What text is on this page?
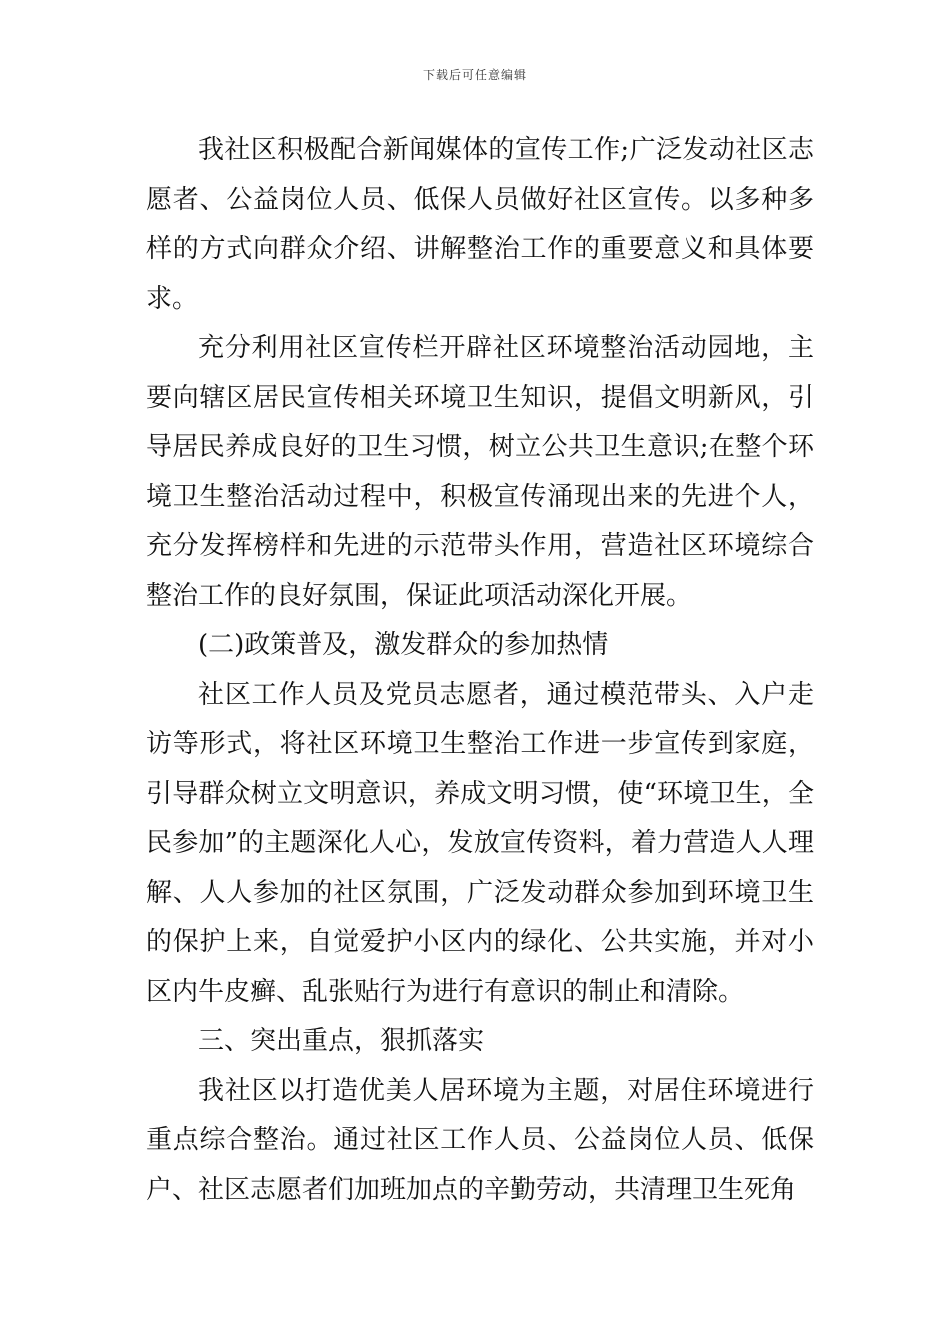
下载后可任意编辑

我社区积极配合新闻媒体的宣传工作;广泛发动社区志愿者、公益岗位人员、低保人员做好社区宣传。以多种多样的方式向群众介绍、讲解整治工作的重要意义和具体要求。

充分利用社区宣传栏开辟社区环境整治活动园地，主要向辖区居民宣传相关环境卫生知识，提倡文明新风，引导居民养成良好的卫生习惯，树立公共卫生意识;在整个环境卫生整治活动过程中，积极宣传涌现出来的先进个人，充分发挥榜样和先进的示范带头作用，营造社区环境综合整治工作的良好氛围，保证此项活动深化开展。

(二)政策普及，激发群众的参加热情

社区工作人员及党员志愿者，通过模范带头、入户走访等形式，将社区环境卫生整治工作进一步宣传到家庭，引导群众树立文明意识，养成文明习惯，使“环境卫生，全民参加”的主题深化人心，发放宣传资料，着力营造人人理解、人人参加的社区氛围，广泛发动群众参加到环境卫生的保护上来，自觉爱护小区内的绿化、公共实施，并对小区内牛皮癣、乱张贴行为进行有意识的制止和清除。

三、突出重点，狠抓落实

我社区以打造优美人居环境为主题，对居住环境进行重点综合整治。通过社区工作人员、公益岗位人员、低保户、社区志愿者们加班加点的辛勤劳动，共清理卫生死角
